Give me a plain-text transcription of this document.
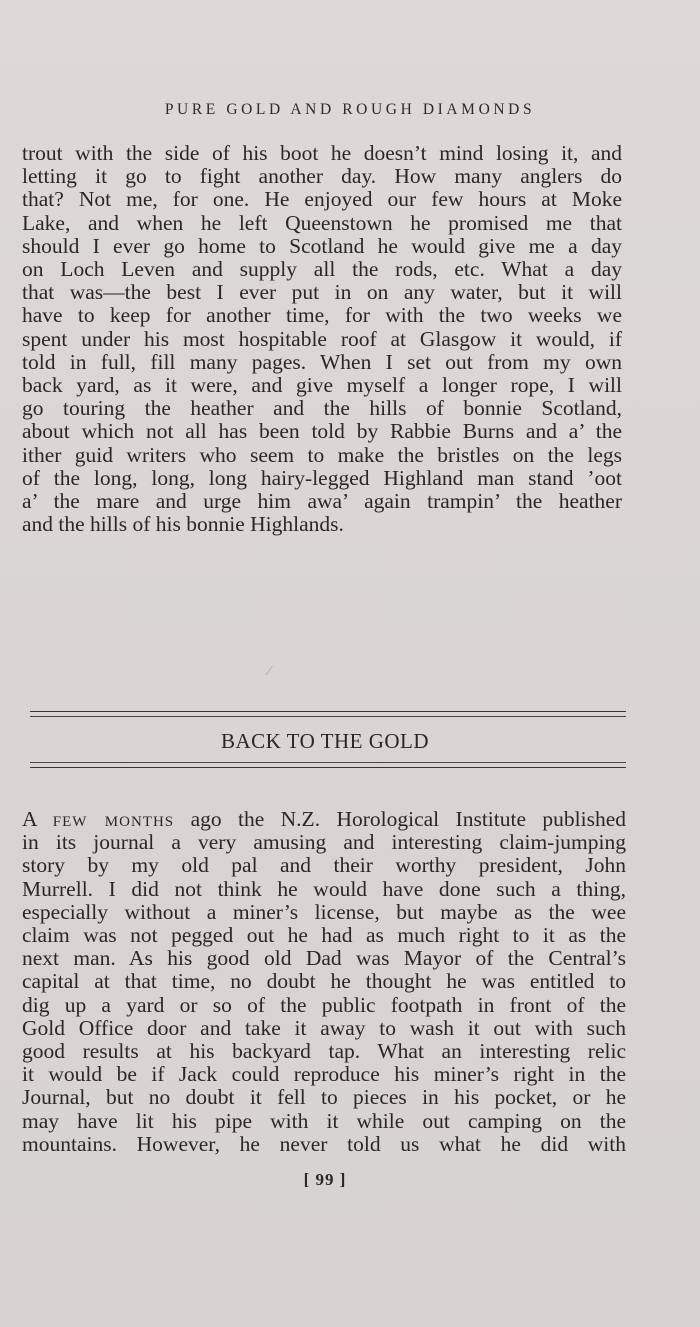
PURE GOLD AND ROUGH DIAMONDS
trout with the side of his boot he doesn’t mind losing it, and
letting it go to fight another day. How many anglers do
that? Not me, for one. He enjoyed our few hours at Moke
Lake, and when he left Queenstown he promised me that
should I ever go home to Scotland he would give me a day
on Loch Leven and supply all the rods, etc. What a day
that was—the best I ever put in on any water, but it will
have to keep for another time, for with the two weeks we
spent under his most hospitable roof at Glasgow it would, if
told in full, fill many pages. When I set out from my own
back yard, as it were, and give myself a longer rope, I will
go touring the heather and the hills of bonnie Scotland,
about which not all has been told by Rabbie Burns and a’ the
ither guid writers who seem to make the bristles on the legs
of the long, long, long hairy-legged Highland man stand ’oot
a’ the mare and urge him awa’ again trampin’ the heather
and the hills of his bonnie Highlands.
⁄
BACK TO THE GOLD
A few months ago the N.Z. Horological Institute published
in its journal a very amusing and interesting claim-jumping
story by my old pal and their worthy president, John
Murrell. I did not think he would have done such a thing,
especially without a miner’s license, but maybe as the wee
claim was not pegged out he had as much right to it as the
next man. As his good old Dad was Mayor of the Central’s
capital at that time, no doubt he thought he was entitled to
dig up a yard or so of the public footpath in front of the
Gold Office door and take it away to wash it out with such
good results at his backyard tap. What an interesting relic
it would be if Jack could reproduce his miner’s right in the
Journal, but no doubt it fell to pieces in his pocket, or he
may have lit his pipe with it while out camping on the
mountains. However, he never told us what he did with
[ 99 ]
